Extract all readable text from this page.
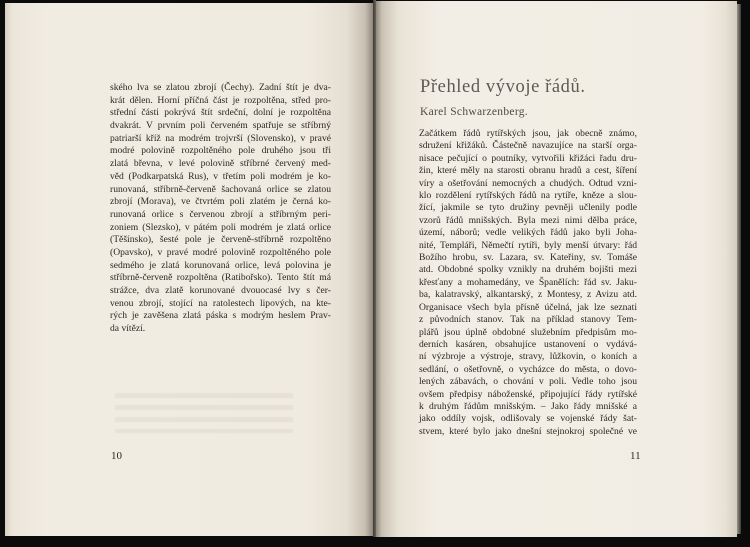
ského lva se zlatou zbrojí (Čechy). Zadní štít je dva-
krát dělen. Horní příčná část je rozpoltěna, střed pro-
střední části pokrývá štít srdeční, dolní je rozpoltěna
dvakrát. V prvním poli červeném spatřuje se stříbrný
patriarší kříž na modrém trojvrší (Slovensko), v pravé
modré polovině rozpoltěného pole druhého jsou tři
zlatá břevna, v levé polovině stříbrné červený med-
věd (Podkarpatská Rus), v třetím poli modrém je ko-
runovaná, stříbrně-červeně šachovaná orlice se zlatou
zbrojí (Morava), ve čtvrtém poli zlatém je černá ko-
runovaná orlice s červenou zbrojí a stříbrným peri-
zoniem (Slezsko), v pátém poli modrém je zlatá orlice
(Těšínsko), šesté pole je červeně-stříbrně rozpoltěno
(Opavsko), v pravé modré polovině rozpoltěného pole
sedmého je zlatá korunovaná orlice, levá polovina je
stříbrně-červeně rozpoltěna (Ratibořsko). Tento štít má
strážce, dva zlatě korunované dvouocasé lvy s čer-
venou zbrojí, stojící na ratolestech lipových, na kte-
rých je zavěšena zlatá páska s modrým heslem Prav-
da vítězí.
10
Přehled vývoje řádů.
Karel Schwarzenberg.
Začátkem řádů rytířských jsou, jak obecně známo,
sdružení křižáků. Částečně navazujíce na starší orga-
nisace pečující o poutníky, vytvořili křižáci řadu dru-
žin, které měly na starosti obranu hradů a cest, šíření
víry a ošetřování nemocných a chudých. Odtud vzni-
klo rozdělení rytířských řádů na rytíře, kněze a slou-
žící, jakmile se tyto družiny pevněji učlenily podle
vzorů řádů mnišských. Byla mezi nimi dělba práce,
území, náborů; vedle velikých řádů jako byli Joha-
nité, Templáři, Němečtí rytíři, byly menší útvary: řád
Božího hrobu, sv. Lazara, sv. Kateřiny, sv. Tomáše
atd. Obdobné spolky vznikly na druhém bojišti mezi
křesťany a mohamedány, ve Španělích: řád sv. Jaku-
ba, kalatravský, alkantarský, z Montesy, z Avizu atd.
Organisace všech byla přísně účelná, jak lze seznati
z původních stanov. Tak na příklad stanovy Tem-
plářů jsou úplně obdobné služebním předpisům mo-
derních kasáren, obsahujíce ustanovení o vydává-
ní výzbroje a výstroje, stravy, lůžkovin, o koních a
sedlání, o ošetřovně, o vycházce do města, o dovo-
lených zábavách, o chování v poli. Vedle toho jsou
ovšem předpisy náboženské, připojující řády rytířské
k druhým řádům mnišským. – Jako řády mnišské a
jako oddíly vojsk, odlišovaly se vojenské řády šat-
stvem, které bylo jako dnešní stejnokroj společné ve
11
